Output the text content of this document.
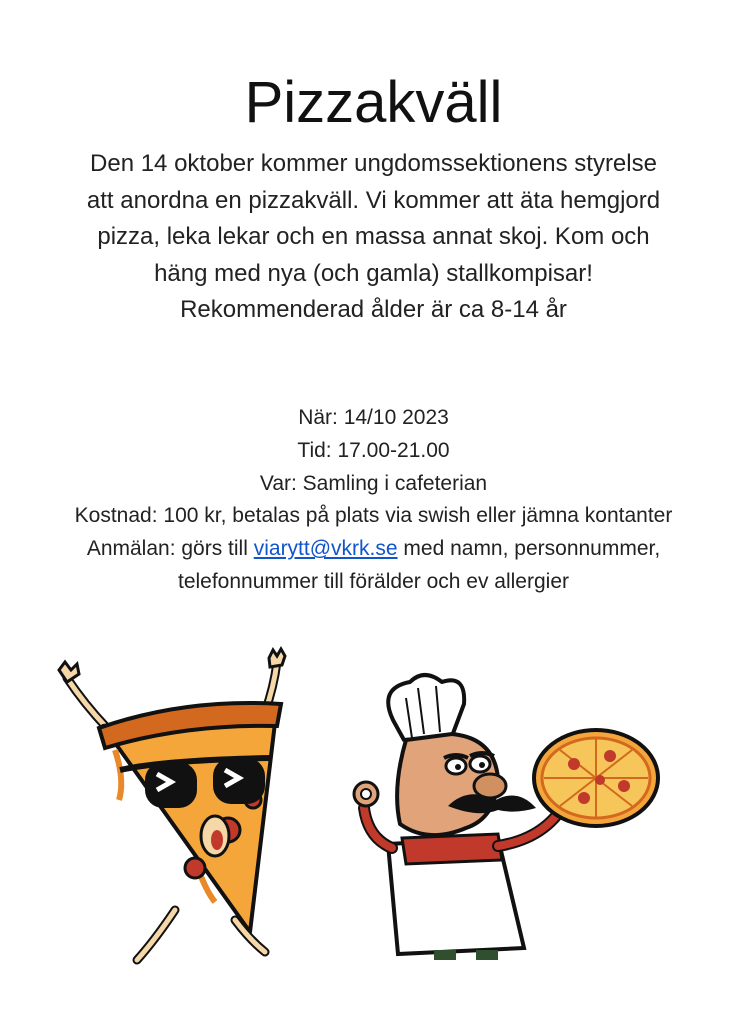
Pizzakväll
Den 14 oktober kommer ungdomssektionens styrelse att anordna en pizzakväll. Vi kommer att äta hemgjord pizza, leka lekar och en massa annat skoj. Kom och häng med nya (och gamla) stallkompisar! Rekommenderad ålder är ca 8-14 år
När: 14/10 2023
Tid: 17.00-21.00
Var: Samling i cafeterian
Kostnad: 100 kr, betalas på plats via swish eller jämna kontanter
Anmälan: görs till viarytt@vkrk.se med namn, personnummer, telefonnummer till förälder och ev allergier
